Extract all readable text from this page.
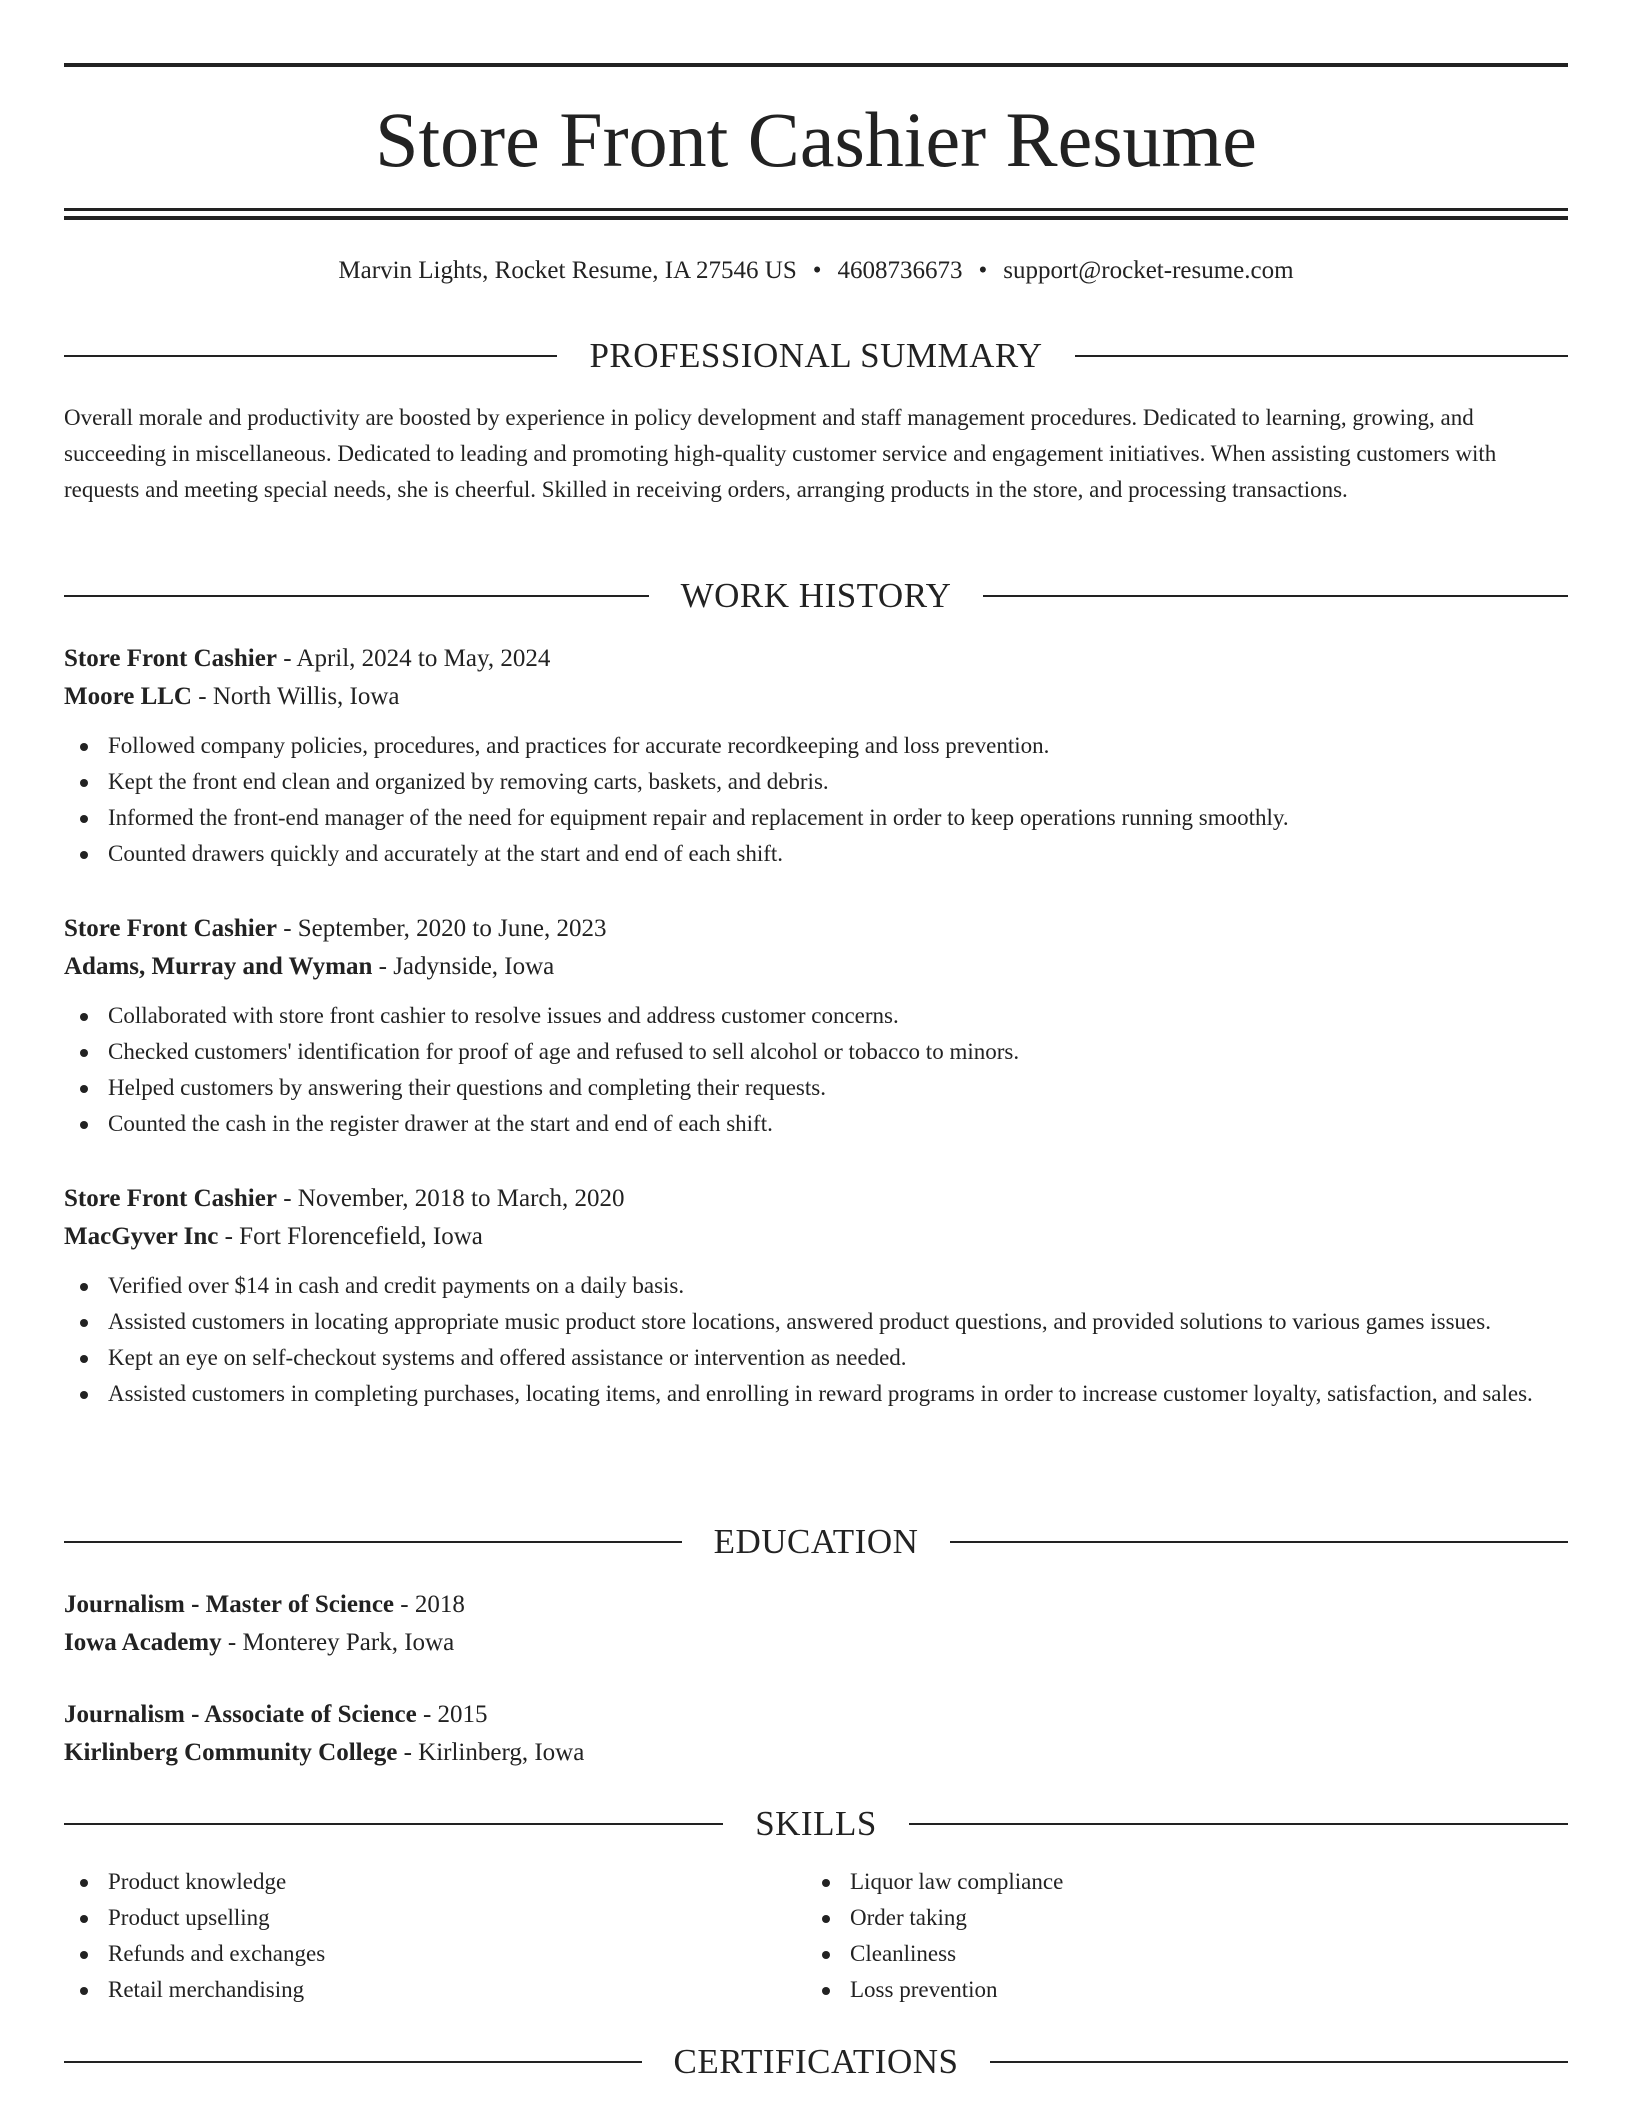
Store Front Cashier Resume
Marvin Lights, Rocket Resume, IA 27546 US • 4608736673 • support@rocket-resume.com
PROFESSIONAL SUMMARY

Overall morale and productivity are boosted by experience in policy development and staff management procedures. Dedicated to learning, growing, and succeeding in miscellaneous. Dedicated to leading and promoting high-quality customer service and engagement initiatives. When assisting customers with requests and meeting special needs, she is cheerful. Skilled in receiving orders, arranging products in the store, and processing transactions.

WORK HISTORY
Store Front Cashier - April, 2024 to May, 2024
Moore LLC - North Willis, Iowa
Followed company policies, procedures, and practices for accurate recordkeeping and loss prevention.
Kept the front end clean and organized by removing carts, baskets, and debris.
Informed the front-end manager of the need for equipment repair and replacement in order to keep operations running smoothly.
Counted drawers quickly and accurately at the start and end of each shift.
Store Front Cashier - September, 2020 to June, 2023
Adams, Murray and Wyman - Jadynside, Iowa
Collaborated with store front cashier to resolve issues and address customer concerns.
Checked customers' identification for proof of age and refused to sell alcohol or tobacco to minors.
Helped customers by answering their questions and completing their requests.
Counted the cash in the register drawer at the start and end of each shift.
Store Front Cashier - November, 2018 to March, 2020
MacGyver Inc - Fort Florencefield, Iowa
Verified over $14 in cash and credit payments on a daily basis.
Assisted customers in locating appropriate music product store locations, answered product questions, and provided solutions to various games issues.
Kept an eye on self-checkout systems and offered assistance or intervention as needed.
Assisted customers in completing purchases, locating items, and enrolling in reward programs in order to increase customer loyalty, satisfaction, and sales.
EDUCATION
Journalism - Master of Science - 2018
Iowa Academy - Monterey Park, Iowa
Journalism - Associate of Science - 2015
Kirlinberg Community College - Kirlinberg, Iowa
SKILLS
Product knowledge
Product upselling
Refunds and exchanges
Retail merchandising
Liquor law compliance
Order taking
Cleanliness
Loss prevention
CERTIFICATIONS
